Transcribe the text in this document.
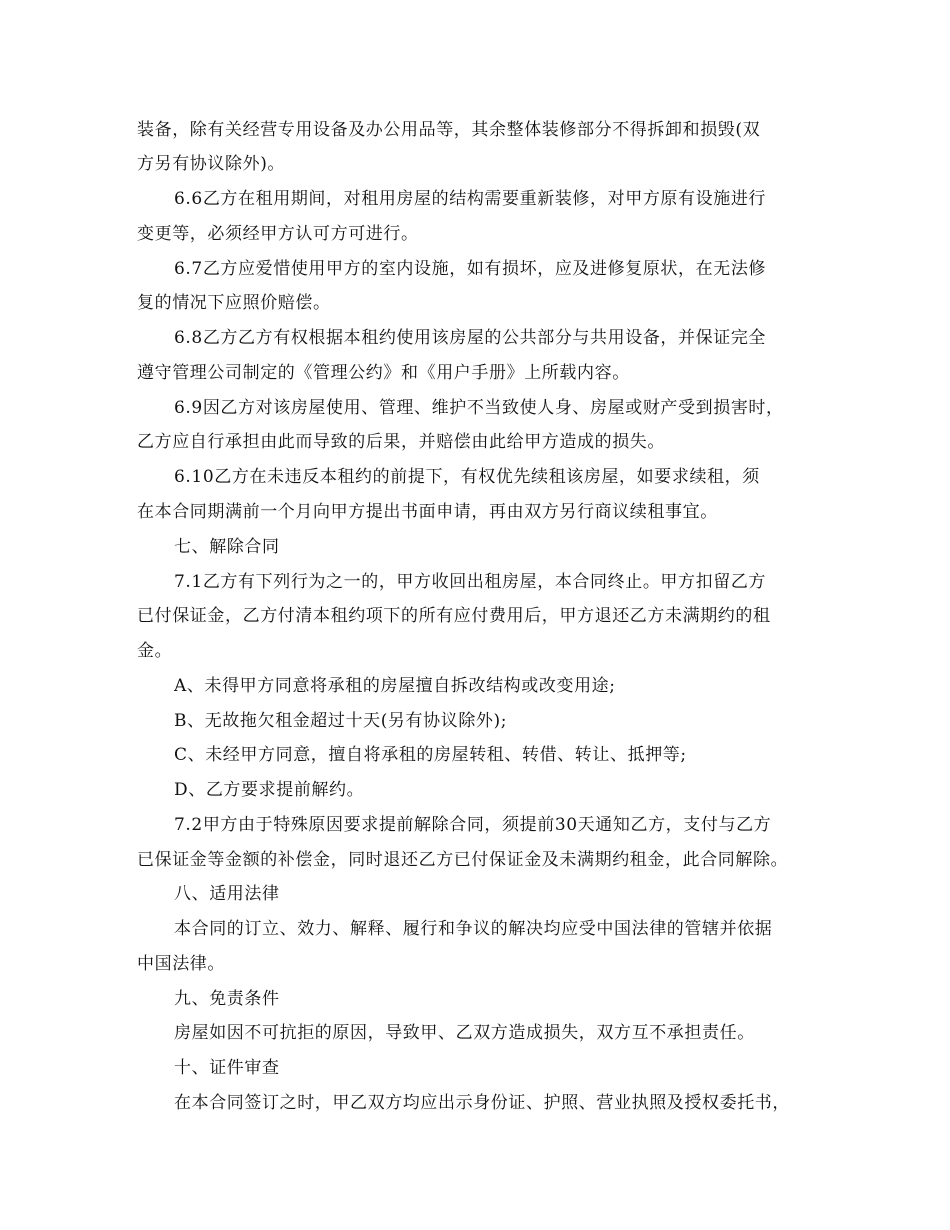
装备，除有关经营专用设备及办公用品等，其余整体装修部分不得拆卸和损毁(双
方另有协议除外)。
6.6乙方在租用期间，对租用房屋的结构需要重新装修，对甲方原有设施进行
变更等，必须经甲方认可方可进行。
6.7乙方应爱惜使用甲方的室内设施，如有损坏，应及进修复原状，在无法修
复的情况下应照价赔偿。
6.8乙方乙方有权根据本租约使用该房屋的公共部分与共用设备，并保证完全
遵守管理公司制定的《管理公约》和《用户手册》上所载内容。
6.9因乙方对该房屋使用、管理、维护不当致使人身、房屋或财产受到损害时，
乙方应自行承担由此而导致的后果，并赔偿由此给甲方造成的损失。
6.10乙方在未违反本租约的前提下，有权优先续租该房屋，如要求续租，须
在本合同期满前一个月向甲方提出书面申请，再由双方另行商议续租事宜。
七、解除合同
7.1乙方有下列行为之一的，甲方收回出租房屋，本合同终止。甲方扣留乙方
已付保证金，乙方付清本租约项下的所有应付费用后，甲方退还乙方未满期约的租
金。
A、未得甲方同意将承租的房屋擅自拆改结构或改变用途;
B、无故拖欠租金超过十天(另有协议除外);
C、未经甲方同意，擅自将承租的房屋转租、转借、转让、抵押等;
D、乙方要求提前解约。
7.2甲方由于特殊原因要求提前解除合同，须提前30天通知乙方，支付与乙方
已保证金等金额的补偿金，同时退还乙方已付保证金及未满期约租金，此合同解除。
八、适用法律
本合同的订立、效力、解释、履行和争议的解决均应受中国法律的管辖并依据
中国法律。
九、免责条件
房屋如因不可抗拒的原因，导致甲、乙双方造成损失，双方互不承担责任。
十、证件审查
在本合同签订之时，甲乙双方均应出示身份证、护照、营业执照及授权委托书，
